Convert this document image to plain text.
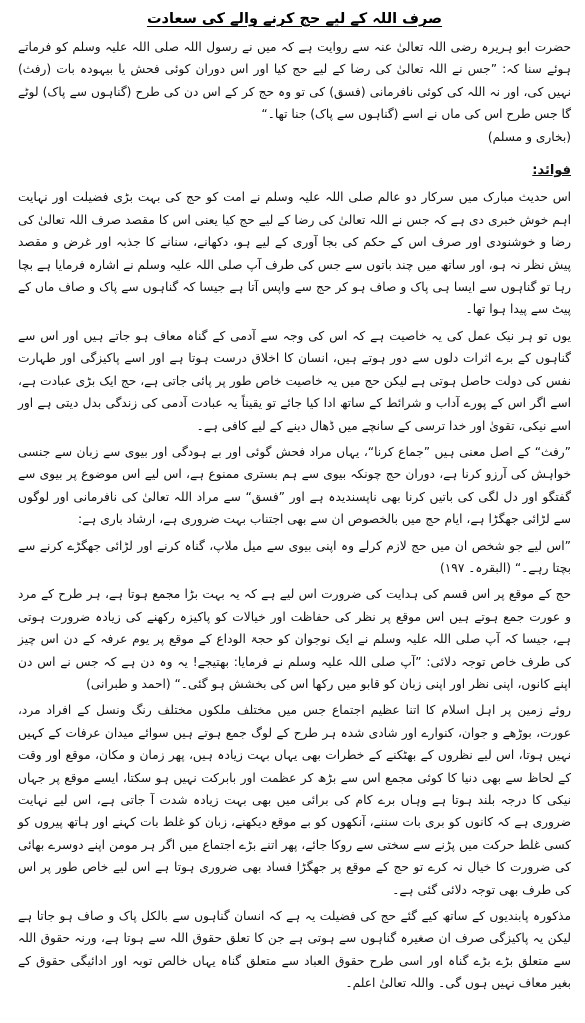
صرف اللہ کے لیے حج کرنے والے کی سعادت

حضرت ابو ہریرہ رضی اللہ تعالیٰ عنہ سے روایت ہے کہ میں نے رسول اللہ صلی اللہ علیہ وسلم کو فرماتے ہوئے سنا کہ: ”جس نے اللہ تعالیٰ کی رضا کے لیے حج کیا اور اس دوران کوئی فحش یا بیہودہ بات (رفث) نہیں کی، اور نہ اللہ کی کوئی نافرمانی (فسق) کی تو وہ حج کر کے اس دن کی طرح (گناہوں سے پاک) لوٹے گا جس طرح اس کی ماں نے اسے (گناہوں سے پاک) جنا تھا۔“

(بخاری و مسلم)

فوائد:

اس حدیث مبارک میں سرکار دو عالم صلی اللہ علیہ وسلم نے امت کو حج کی بہت بڑی فضیلت اور نہایت اہم خوش خبری دی ہے کہ جس نے اللہ تعالیٰ کی رضا کے لیے حج کیا یعنی اس کا مقصد صرف اللہ تعالیٰ کی رضا و خوشنودی اور صرف اس کے حکم کی بجا آوری کے لیے ہو، دکھانے، سنانے کا جذبہ اور غرض و مقصد پیش نظر نہ ہو، اور ساتھ میں چند باتوں سے جس کی طرف آپ صلی اللہ علیہ وسلم نے اشارہ فرمایا ہے بچا رہا تو گناہوں سے ایسا ہی پاک و صاف ہو کر حج سے واپس آتا ہے جیسا کہ گناہوں سے پاک و صاف ماں کے پیٹ سے پیدا ہوا تھا۔

یوں تو ہر نیک عمل کی یہ خاصیت ہے کہ اس کی وجہ سے آدمی کے گناہ معاف ہو جاتے ہیں اور اس سے گناہوں کے برے اثرات دلوں سے دور ہوتے ہیں، انسان کا اخلاق درست ہوتا ہے اور اسے پاکیزگی اور طہارت نفس کی دولت حاصل ہوتی ہے لیکن حج میں یہ خاصیت خاص طور پر پائی جاتی ہے، حج ایک بڑی عبادت ہے، اسے اگر اس کے پورے آداب و شرائط کے ساتھ ادا کیا جائے تو یقیناً یہ عبادت آدمی کی زندگی بدل دیتی ہے اور اسے نیکی، تقویٰ اور خدا ترسی کے سانچے میں ڈھال دینے کے لیے کافی ہے۔

”رفث“ کے اصل معنی ہیں ”جماع کرنا“، یہاں مراد فحش گوئی اور بے ہودگی اور بیوی سے زبان سے جنسی خواہش کی آرزو کرنا ہے، دوران حج چونکہ بیوی سے ہم بستری ممنوع ہے، اس لیے اس موضوع پر بیوی سے گفتگو اور دل لگی کی باتیں کرنا بھی ناپسندیدہ ہے اور ”فسق“ سے مراد اللہ تعالیٰ کی نافرمانی اور لوگوں سے لڑائی جھگڑا ہے، ایام حج میں بالخصوص ان سے بھی اجتناب بہت ضروری ہے، ارشاد باری ہے:

”اس لیے جو شخص ان میں حج لازم کرلے وہ اپنی بیوی سے میل ملاپ، گناہ کرنے اور لڑائی جھگڑے کرنے سے بچتا رہے۔“ (البقرہ۔ ۱۹۷)

حج کے موقع پر اس قسم کی ہدایت کی ضرورت اس لیے ہے کہ یہ بہت بڑا مجمع ہوتا ہے، ہر طرح کے مرد و عورت جمع ہوتے ہیں اس موقع پر نظر کی حفاظت اور خیالات کو پاکیزہ رکھنے کی زیادہ ضرورت ہوتی ہے، جیسا کہ آپ صلی اللہ علیہ وسلم نے ایک نوجوان کو حجۃ الوداع کے موقع پر یوم عرفہ کے دن اس چیز کی طرف خاص توجہ دلائی: ”آپ صلی اللہ علیہ وسلم نے فرمایا: بھتیجے! یہ وہ دن ہے کہ جس نے اس دن اپنے کانوں، اپنی نظر اور اپنی زبان کو قابو میں رکھا اس کی بخشش ہو گئی۔“ (احمد و طبرانی)

روئے زمین پر اہل اسلام کا اتنا عظیم اجتماع جس میں مختلف ملکوں مختلف رنگ ونسل کے افراد مرد، عورت، بوڑھے و جوان، کنوارے اور شادی شدہ ہر طرح کے لوگ جمع ہوتے ہیں سوائے میدان عرفات کے کہیں نہیں ہوتا، اس لیے نظروں کے بھٹکنے کے خطرات بھی یہاں بہت زیادہ ہیں، پھر زمان و مکان، موقع اور وقت کے لحاظ سے بھی دنیا کا کوئی مجمع اس سے بڑھ کر عظمت اور بابرکت نہیں ہو سکتا، ایسے موقع پر جہاں نیکی کا درجہ بلند ہوتا ہے وہاں برے کام کی برائی میں بھی بہت زیادہ شدت آ جاتی ہے، اس لیے نہایت ضروری ہے کہ کانوں کو بری بات سننے، آنکھوں کو بے موقع دیکھنے، زبان کو غلط بات کہنے اور ہاتھ پیروں کو کسی غلط حرکت میں پڑنے سے سختی سے روکا جائے، پھر اتنے بڑے اجتماع میں اگر ہر مومن اپنے دوسرے بھائی کی ضرورت کا خیال نہ کرے تو حج کے موقع پر جھگڑا فساد بھی ضروری ہوتا ہے اس لیے خاص طور پر اس کی طرف بھی توجہ دلائی گئی ہے۔

مذکورہ پابندیوں کے ساتھ کیے گئے حج کی فضیلت یہ ہے کہ انسان گناہوں سے بالکل پاک و صاف ہو جاتا ہے لیکن یہ پاکیزگی صرف ان صغیرہ گناہوں سے ہوتی ہے جن کا تعلق حقوق اللہ سے ہوتا ہے، ورنہ حقوق اللہ سے متعلق بڑے بڑے گناہ اور اسی طرح حقوق العباد سے متعلق گناہ یہاں خالص توبہ اور ادائیگی حقوق کے بغیر معاف نہیں ہوں گی۔ واللہ تعالیٰ اعلم۔
